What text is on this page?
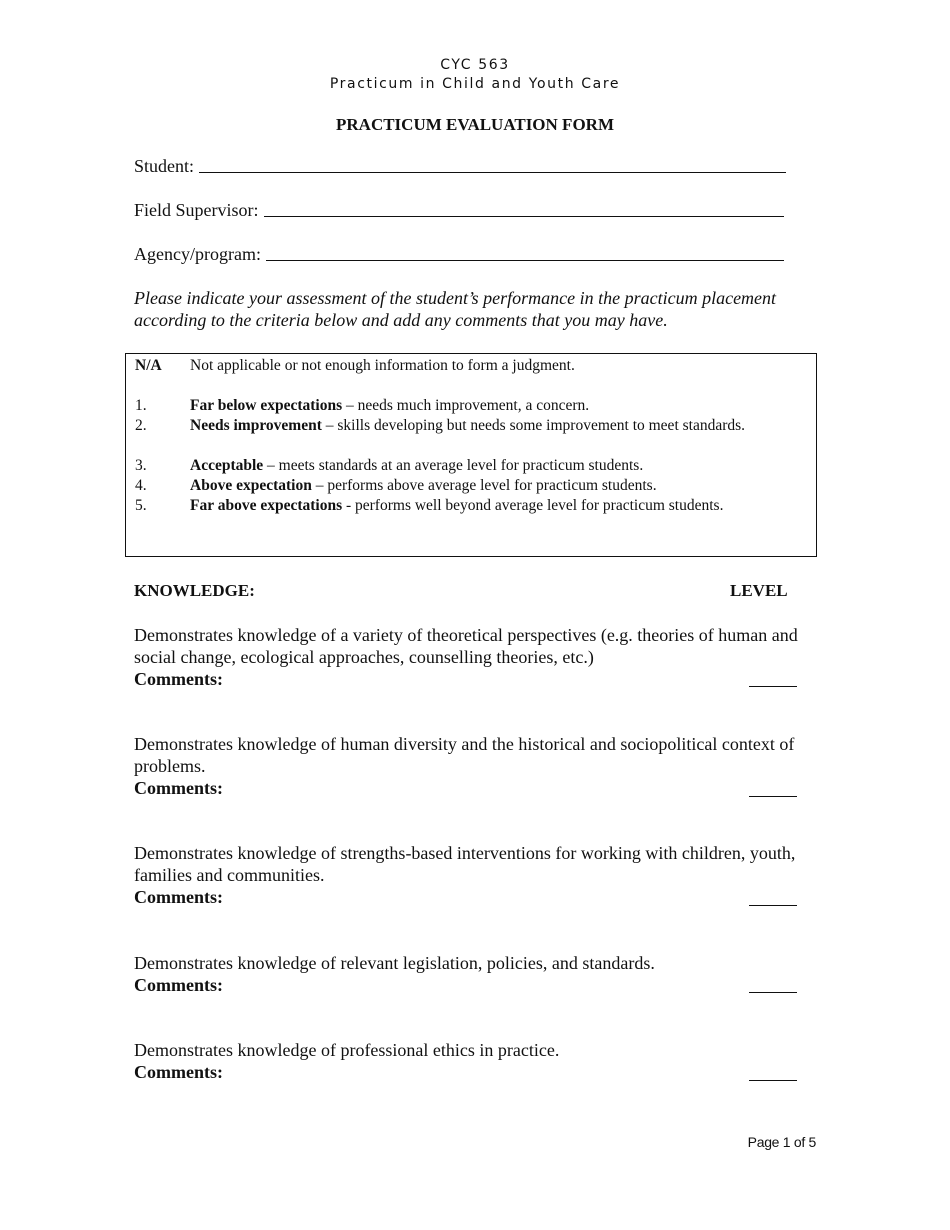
CYC 563
Practicum in Child and Youth Care
PRACTICUM EVALUATION FORM
Student:
Field Supervisor:
Agency/program:
Please indicate your assessment of the student’s performance in the practicum placement according to the criteria below and add any comments that you may have.
N/A	Not applicable or not enough information to form a judgment.
1.	Far below expectations – needs much improvement, a concern.
2.	Needs improvement – skills developing but needs some improvement to meet standards.
3.	Acceptable – meets standards at an average level for practicum students.
4.	Above expectation – performs above average level for practicum students.
5.	Far above expectations - performs well beyond average level for practicum students.
KNOWLEDGE:	LEVEL
Demonstrates knowledge of a variety of theoretical perspectives (e.g. theories of human and social change, ecological approaches, counselling theories, etc.)
Comments:
Demonstrates knowledge of human diversity and the historical and sociopolitical context of problems.
Comments:
Demonstrates knowledge of strengths-based interventions for working with children, youth, families and communities.
Comments:
Demonstrates knowledge of relevant legislation, policies, and standards.
Comments:
Demonstrates knowledge of professional ethics in practice.
Comments:
Page 1 of 5
